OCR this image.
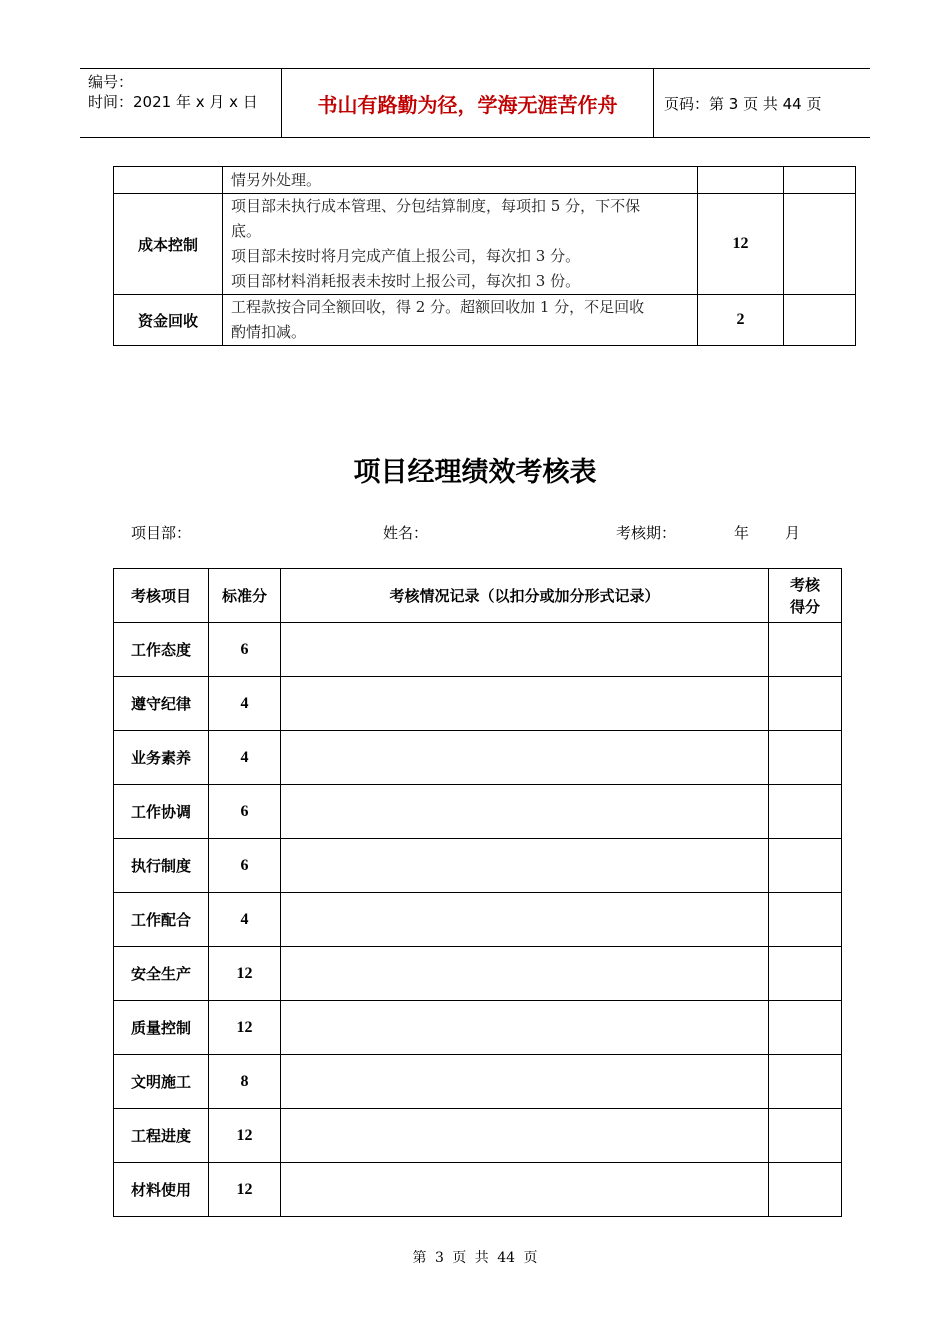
编号：
时间：2021 年 x 月 x 日	书山有路勤为径，学海无涯苦作舟	页码：第 3 页 共 44 页

	情另外处理。		

成本控制	项目部未执行成本管理、分包结算制度，每项扣 5 分，下不保
底。
项目部未按时将月完成产值上报公司，每次扣 3 分。
项目部材料消耗报表未按时上报公司，每次扣 3 份。	12	
资金回收	工程款按合同全额回收，得 2 分。超额回收加 1 分，不足回收
酌情扣减。	2	
项目经理绩效考核表
项目部：	姓名：	考核期：	年 月
考核项目	标准分	考核情况记录（以扣分或加分形式记录）	考核
得分

工作态度	6		
遵守纪律	4		
业务素养	4		
工作协调	6		
执行制度	6		
工作配合	4		
安全生产	12		
质量控制	12		
文明施工	8		
工程进度	12		
材料使用	12		
第 3 页 共 44 页
